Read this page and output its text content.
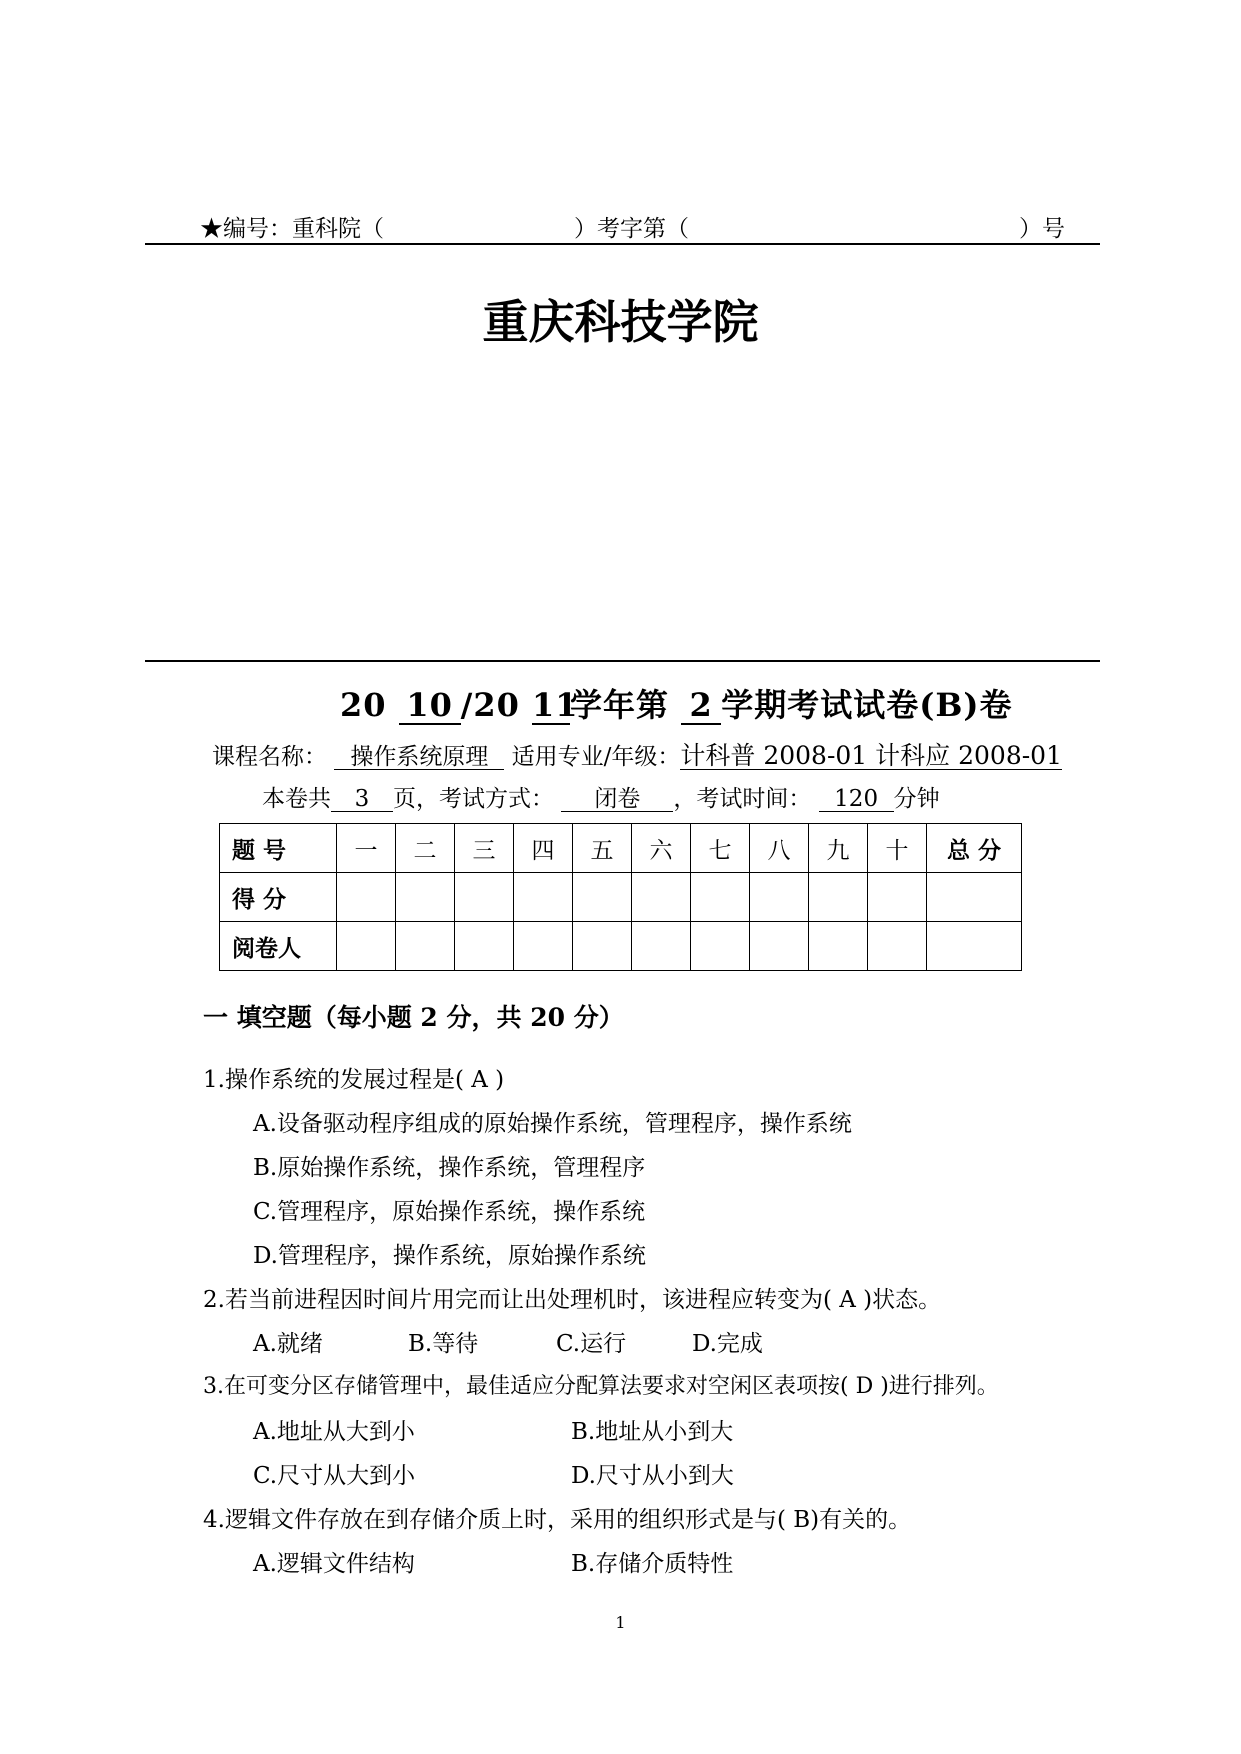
★编号：重科院（	）考字第（	）号
重庆科技学院
20 10 /20 11学年第 2 学期考试试卷(B)卷
课程名称： 操作系统原理 适用专业/年级：计科普 2008-01 计科应 2008-01
本卷共 3 页，考试方式： 闭卷 ，考试时间： 120 分钟
题 号	一	二	三	四	五	六	七	八	九	十	总 分
得 分											
阅卷人											
一 填空题（每小题 2 分，共 20 分）
1.操作系统的发展过程是( A )
A.设备驱动程序组成的原始操作系统，管理程序，操作系统
B.原始操作系统，操作系统，管理程序
C.管理程序，原始操作系统，操作系统
D.管理程序，操作系统，原始操作系统
2.若当前进程因时间片用完而让出处理机时，该进程应转变为( A )状态。
A.就绪	B.等待	C.运行	D.完成
3.在可变分区存储管理中，最佳适应分配算法要求对空闲区表项按( D )进行排列。
A.地址从大到小	B.地址从小到大
C.尺寸从大到小	D.尺寸从小到大
4.逻辑文件存放在到存储介质上时，采用的组织形式是与( B)有关的。
A.逻辑文件结构	B.存储介质特性
1
